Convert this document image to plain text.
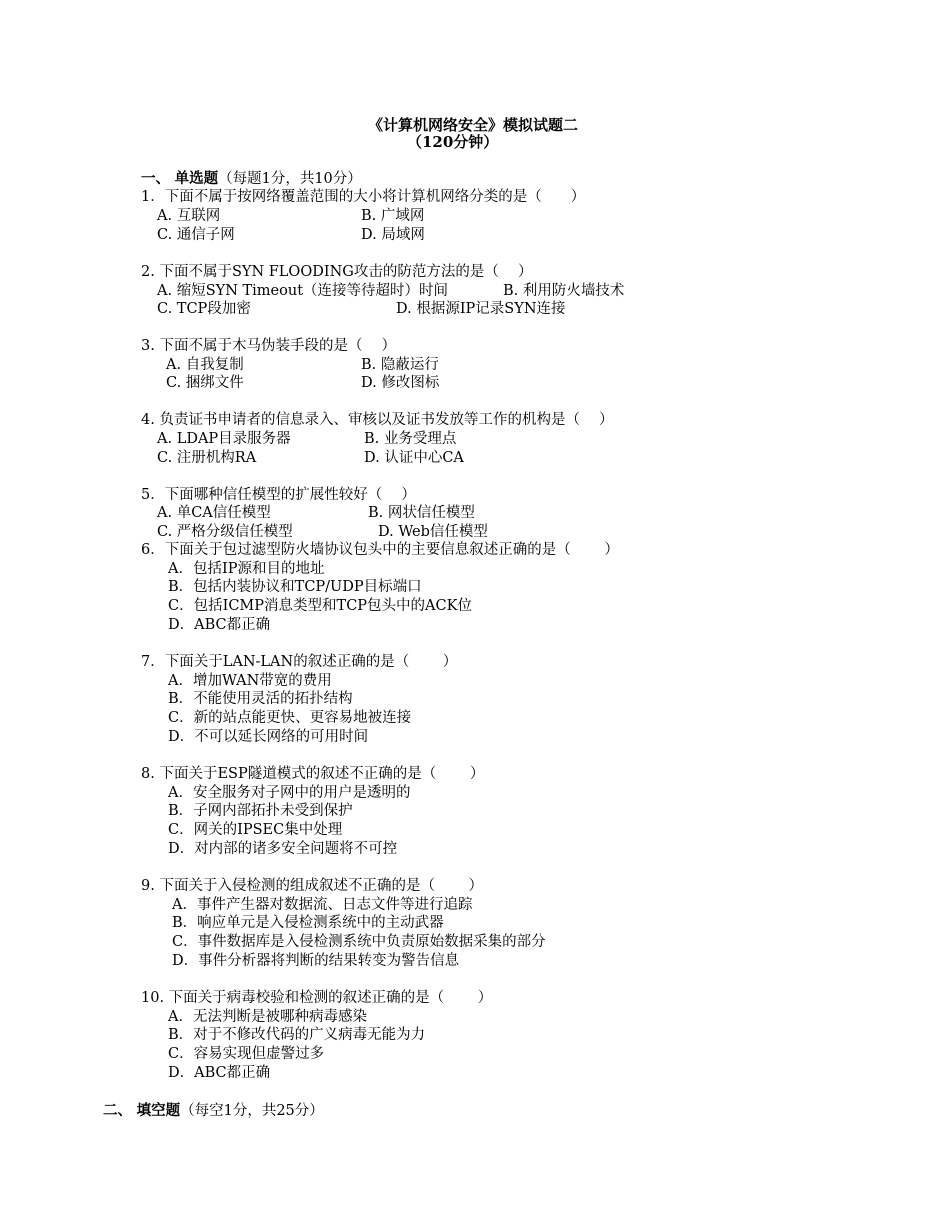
《计算机网络安全》模拟试题二
（120分钟）
一、 单选题（每题1分，共10分）
1．下面不属于按网络覆盖范围的大小将计算机网络分类的是（　　）
A. 互联网	B. 广域网
C. 通信子网	D. 局域网
2. 下面不属于SYN FLOODING攻击的防范方法的是（　 ）
A. 缩短SYN Timeout（连接等待超时）时间	B. 利用防火墙技术
C. TCP段加密	D. 根据源IP记录SYN连接
3. 下面不属于木马伪装手段的是（　 ）
A. 自我复制	B. 隐蔽运行
C. 捆绑文件	D. 修改图标
4. 负责证书申请者的信息录入、审核以及证书发放等工作的机构是（　 ）
A. LDAP目录服务器	B. 业务受理点
C. 注册机构RA	D. 认证中心CA
5．下面哪种信任模型的扩展性较好（　 ）
A. 单CA信任模型	B. 网状信任模型
C. 严格分级信任模型	D. Web信任模型
6．下面关于包过滤型防火墙协议包头中的主要信息叙述正确的是（　　 ）
A．包括IP源和目的地址
B．包括内装协议和TCP/UDP目标端口
C．包括ICMP消息类型和TCP包头中的ACK位
D．ABC都正确
7．下面关于LAN-LAN的叙述正确的是（　　 ）
A．增加WAN带宽的费用
B．不能使用灵活的拓扑结构
C．新的站点能更快、更容易地被连接
D．不可以延长网络的可用时间
8. 下面关于ESP隧道模式的叙述不正确的是（　　 ）
A．安全服务对子网中的用户是透明的
B．子网内部拓扑未受到保护
C．网关的IPSEC集中处理
D．对内部的诸多安全问题将不可控
9. 下面关于入侵检测的组成叙述不正确的是（　　 ）
A．事件产生器对数据流、日志文件等进行追踪
B．响应单元是入侵检测系统中的主动武器
C．事件数据库是入侵检测系统中负责原始数据采集的部分
D．事件分析器将判断的结果转变为警告信息
10. 下面关于病毒校验和检测的叙述正确的是（　　 ）
A．无法判断是被哪种病毒感染
B．对于不修改代码的广义病毒无能为力
C．容易实现但虚警过多
D．ABC都正确
二、 填空题（每空1分，共25分）
